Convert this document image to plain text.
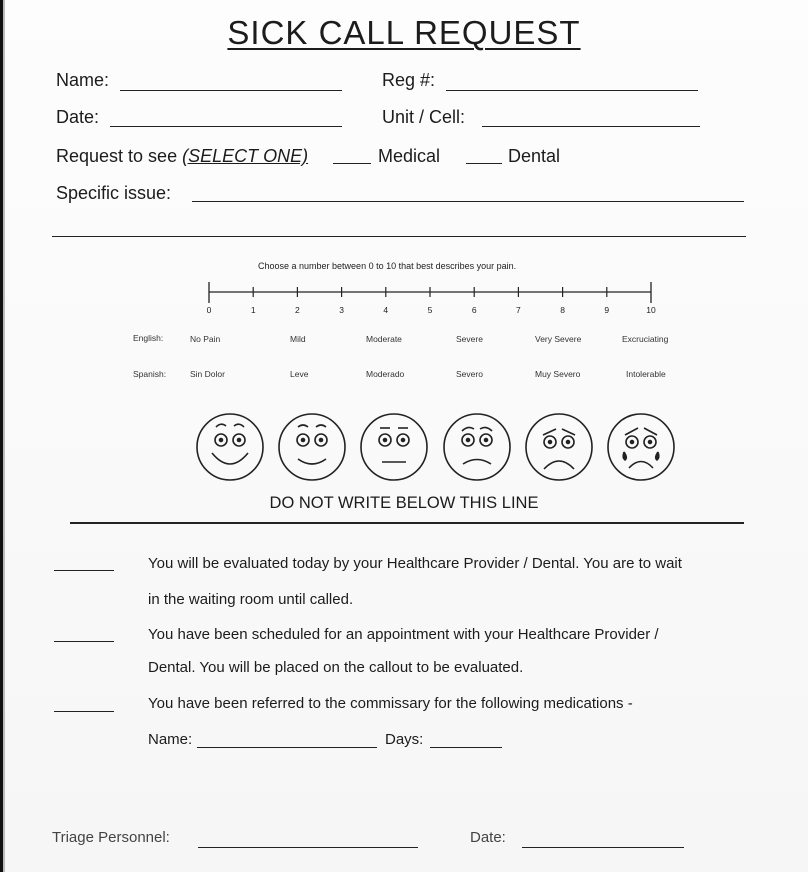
SICK CALL REQUEST
Name:	Reg #:
Date:	Unit / Cell:
Request to see (SELECT ONE)	Medical	Dental
Specific issue:
Choose a number between 0 to 10 that best describes your pain.
0	1	2	3	4	5	6	7	8	9	10
English:	No Pain	Mild	Moderate	Severe	Very Severe	Excruciating
Spanish:	Sin Dolor	Leve	Moderado	Severo	Muy Severo	Intolerable
DO NOT WRITE BELOW THIS LINE
You will be evaluated today by your Healthcare Provider / Dental. You are to wait
in the waiting room until called.
You have been scheduled for an appointment with your Healthcare Provider /
Dental. You will be placed on the callout to be evaluated.
You have been referred to the commissary for the following medications -
Name:	Days:
Triage Personnel:	Date:
